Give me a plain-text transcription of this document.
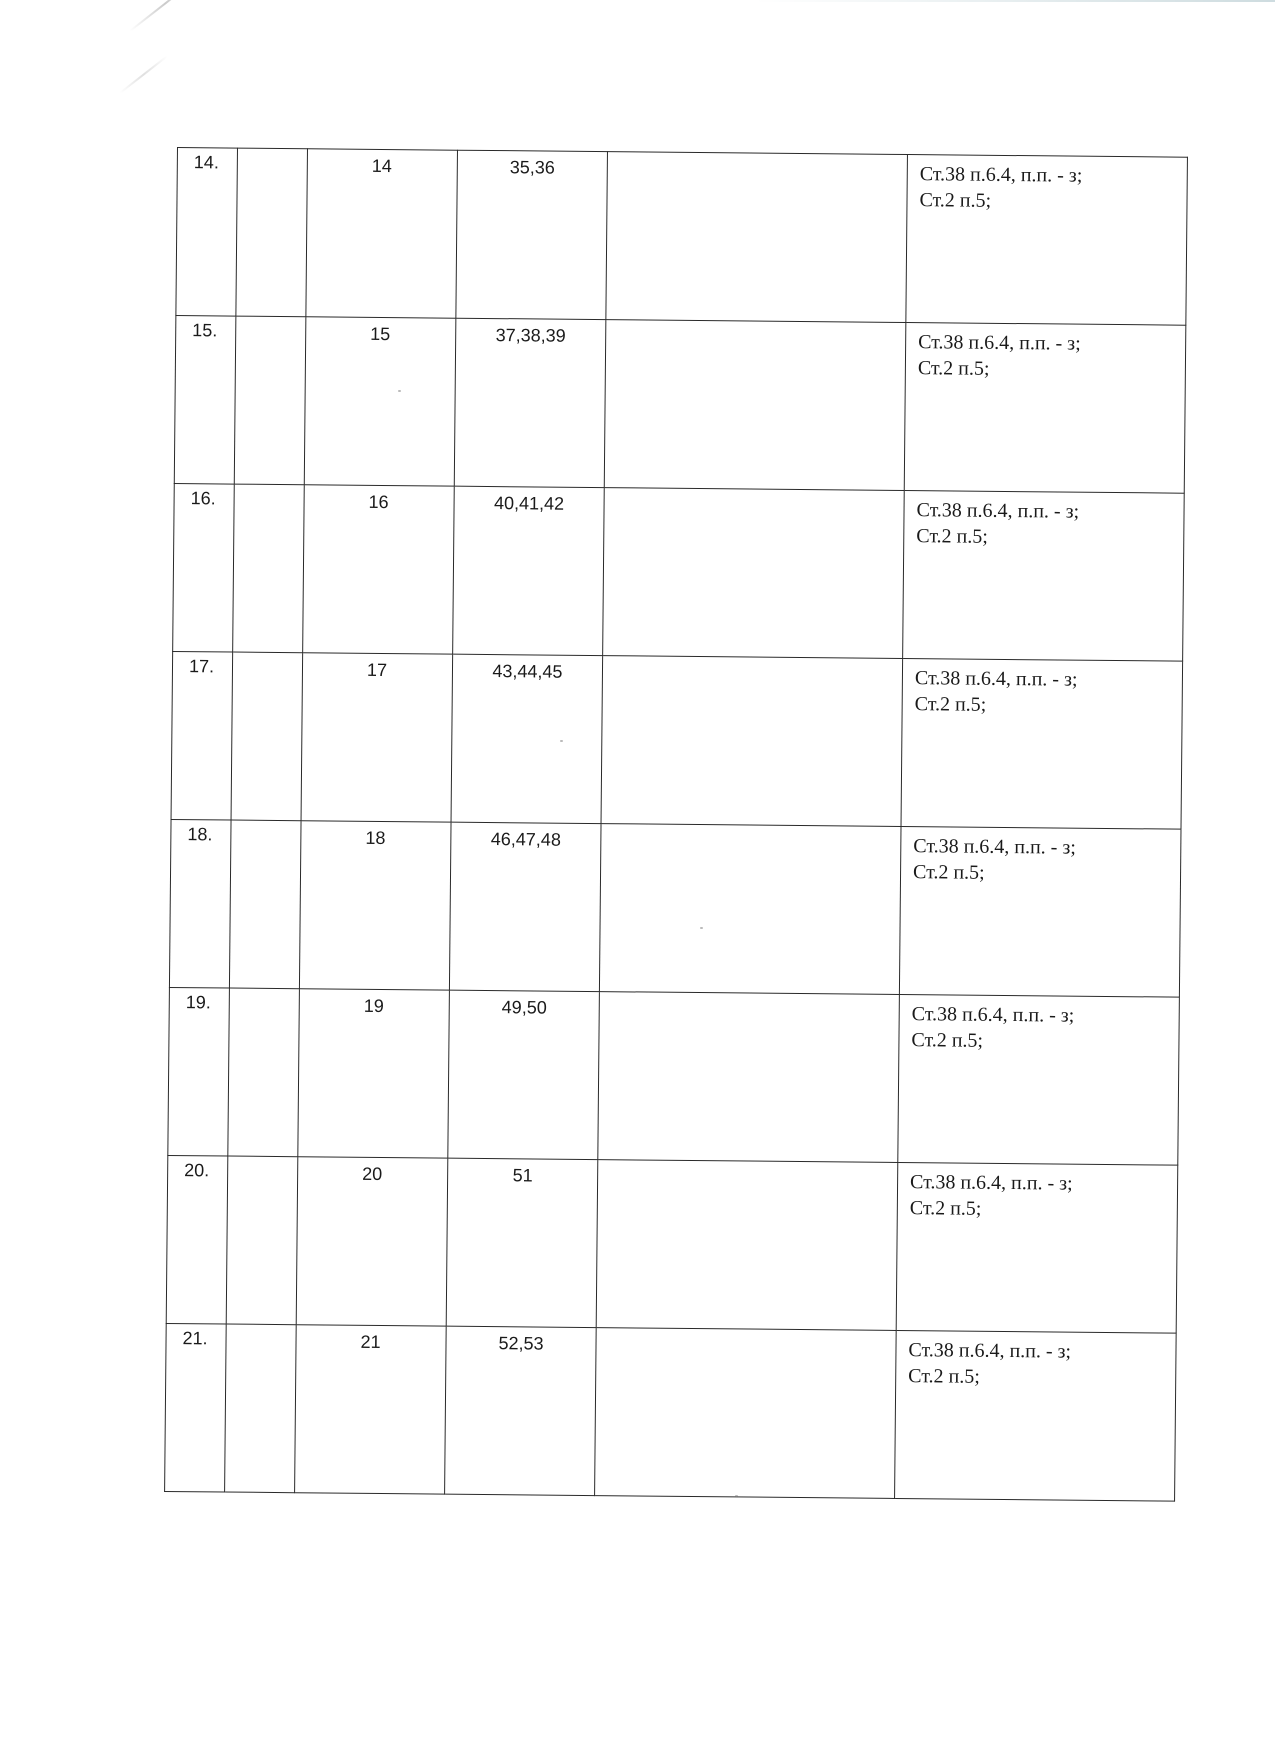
14.		14	35,36		Ст.38 п.6.4, п.п. - з;
Ст.2 п.5;

15.		15	37,38,39		Ст.38 п.6.4, п.п. - з;
Ст.2 п.5;

16.		16	40,41,42		Ст.38 п.6.4, п.п. - з;
Ст.2 п.5;

17.		17	43,44,45		Ст.38 п.6.4, п.п. - з;
Ст.2 п.5;

18.		18	46,47,48		Ст.38 п.6.4, п.п. - з;
Ст.2 п.5;

19.		19	49,50		Ст.38 п.6.4, п.п. - з;
Ст.2 п.5;

20.		20	51		Ст.38 п.6.4, п.п. - з;
Ст.2 п.5;

21.		21	52,53		Ст.38 п.6.4, п.п. - з;
Ст.2 п.5;
